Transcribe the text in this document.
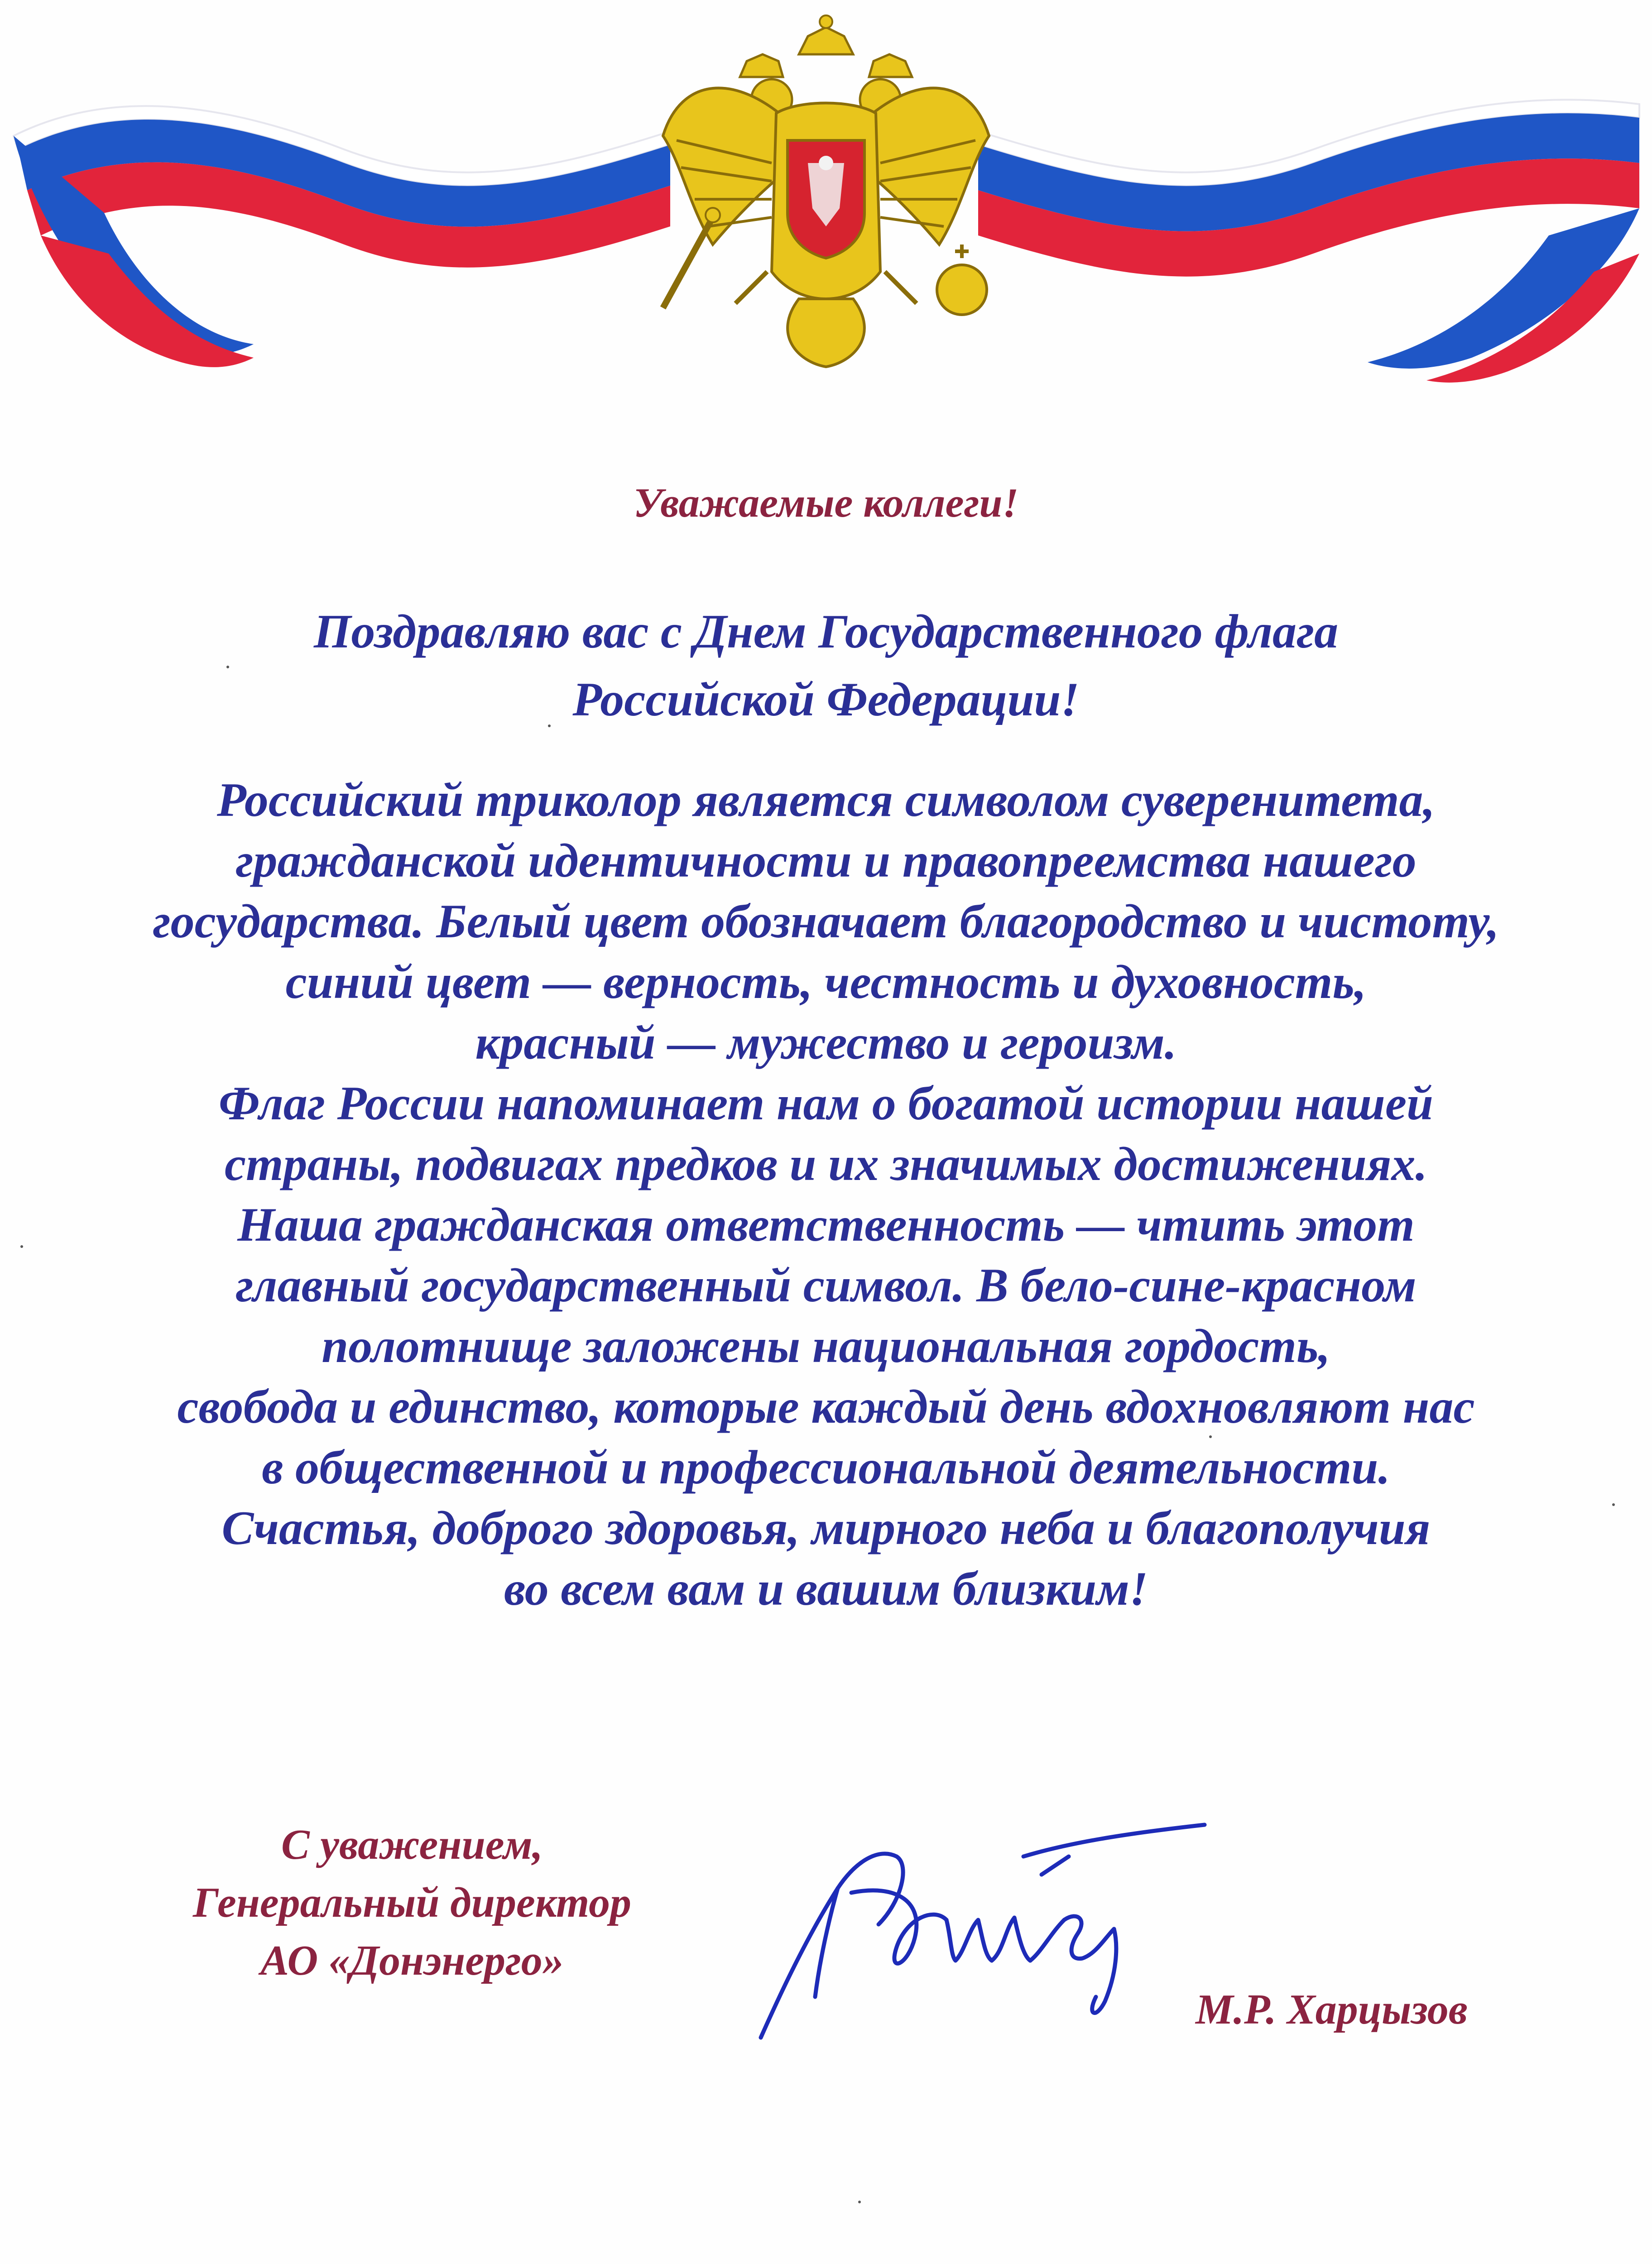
Уважаемые коллеги!

Поздравляю вас с Днем Государственного флага
Российской Федерации!

Российский триколор является символом суверенитета,
гражданской идентичности и правопреемства нашего
государства. Белый цвет обозначает благородство и чистоту,
синий цвет — верность, честность и духовность,
красный — мужество и героизм.
Флаг России напоминает нам о богатой истории нашей
страны, подвигах предков и их значимых достижениях.
Наша гражданская ответственность — чтить этот
главный государственный символ. В бело-сине-красном
полотнище заложены национальная гордость,
свобода и единство, которые каждый день вдохновляют нас
в общественной и профессиональной деятельности.
Счастья, доброго здоровья, мирного неба и благополучия
во всем вам и вашим близким!

С уважением,
Генеральный директор
АО «Донэнерго»

М.Р. Харцызов
